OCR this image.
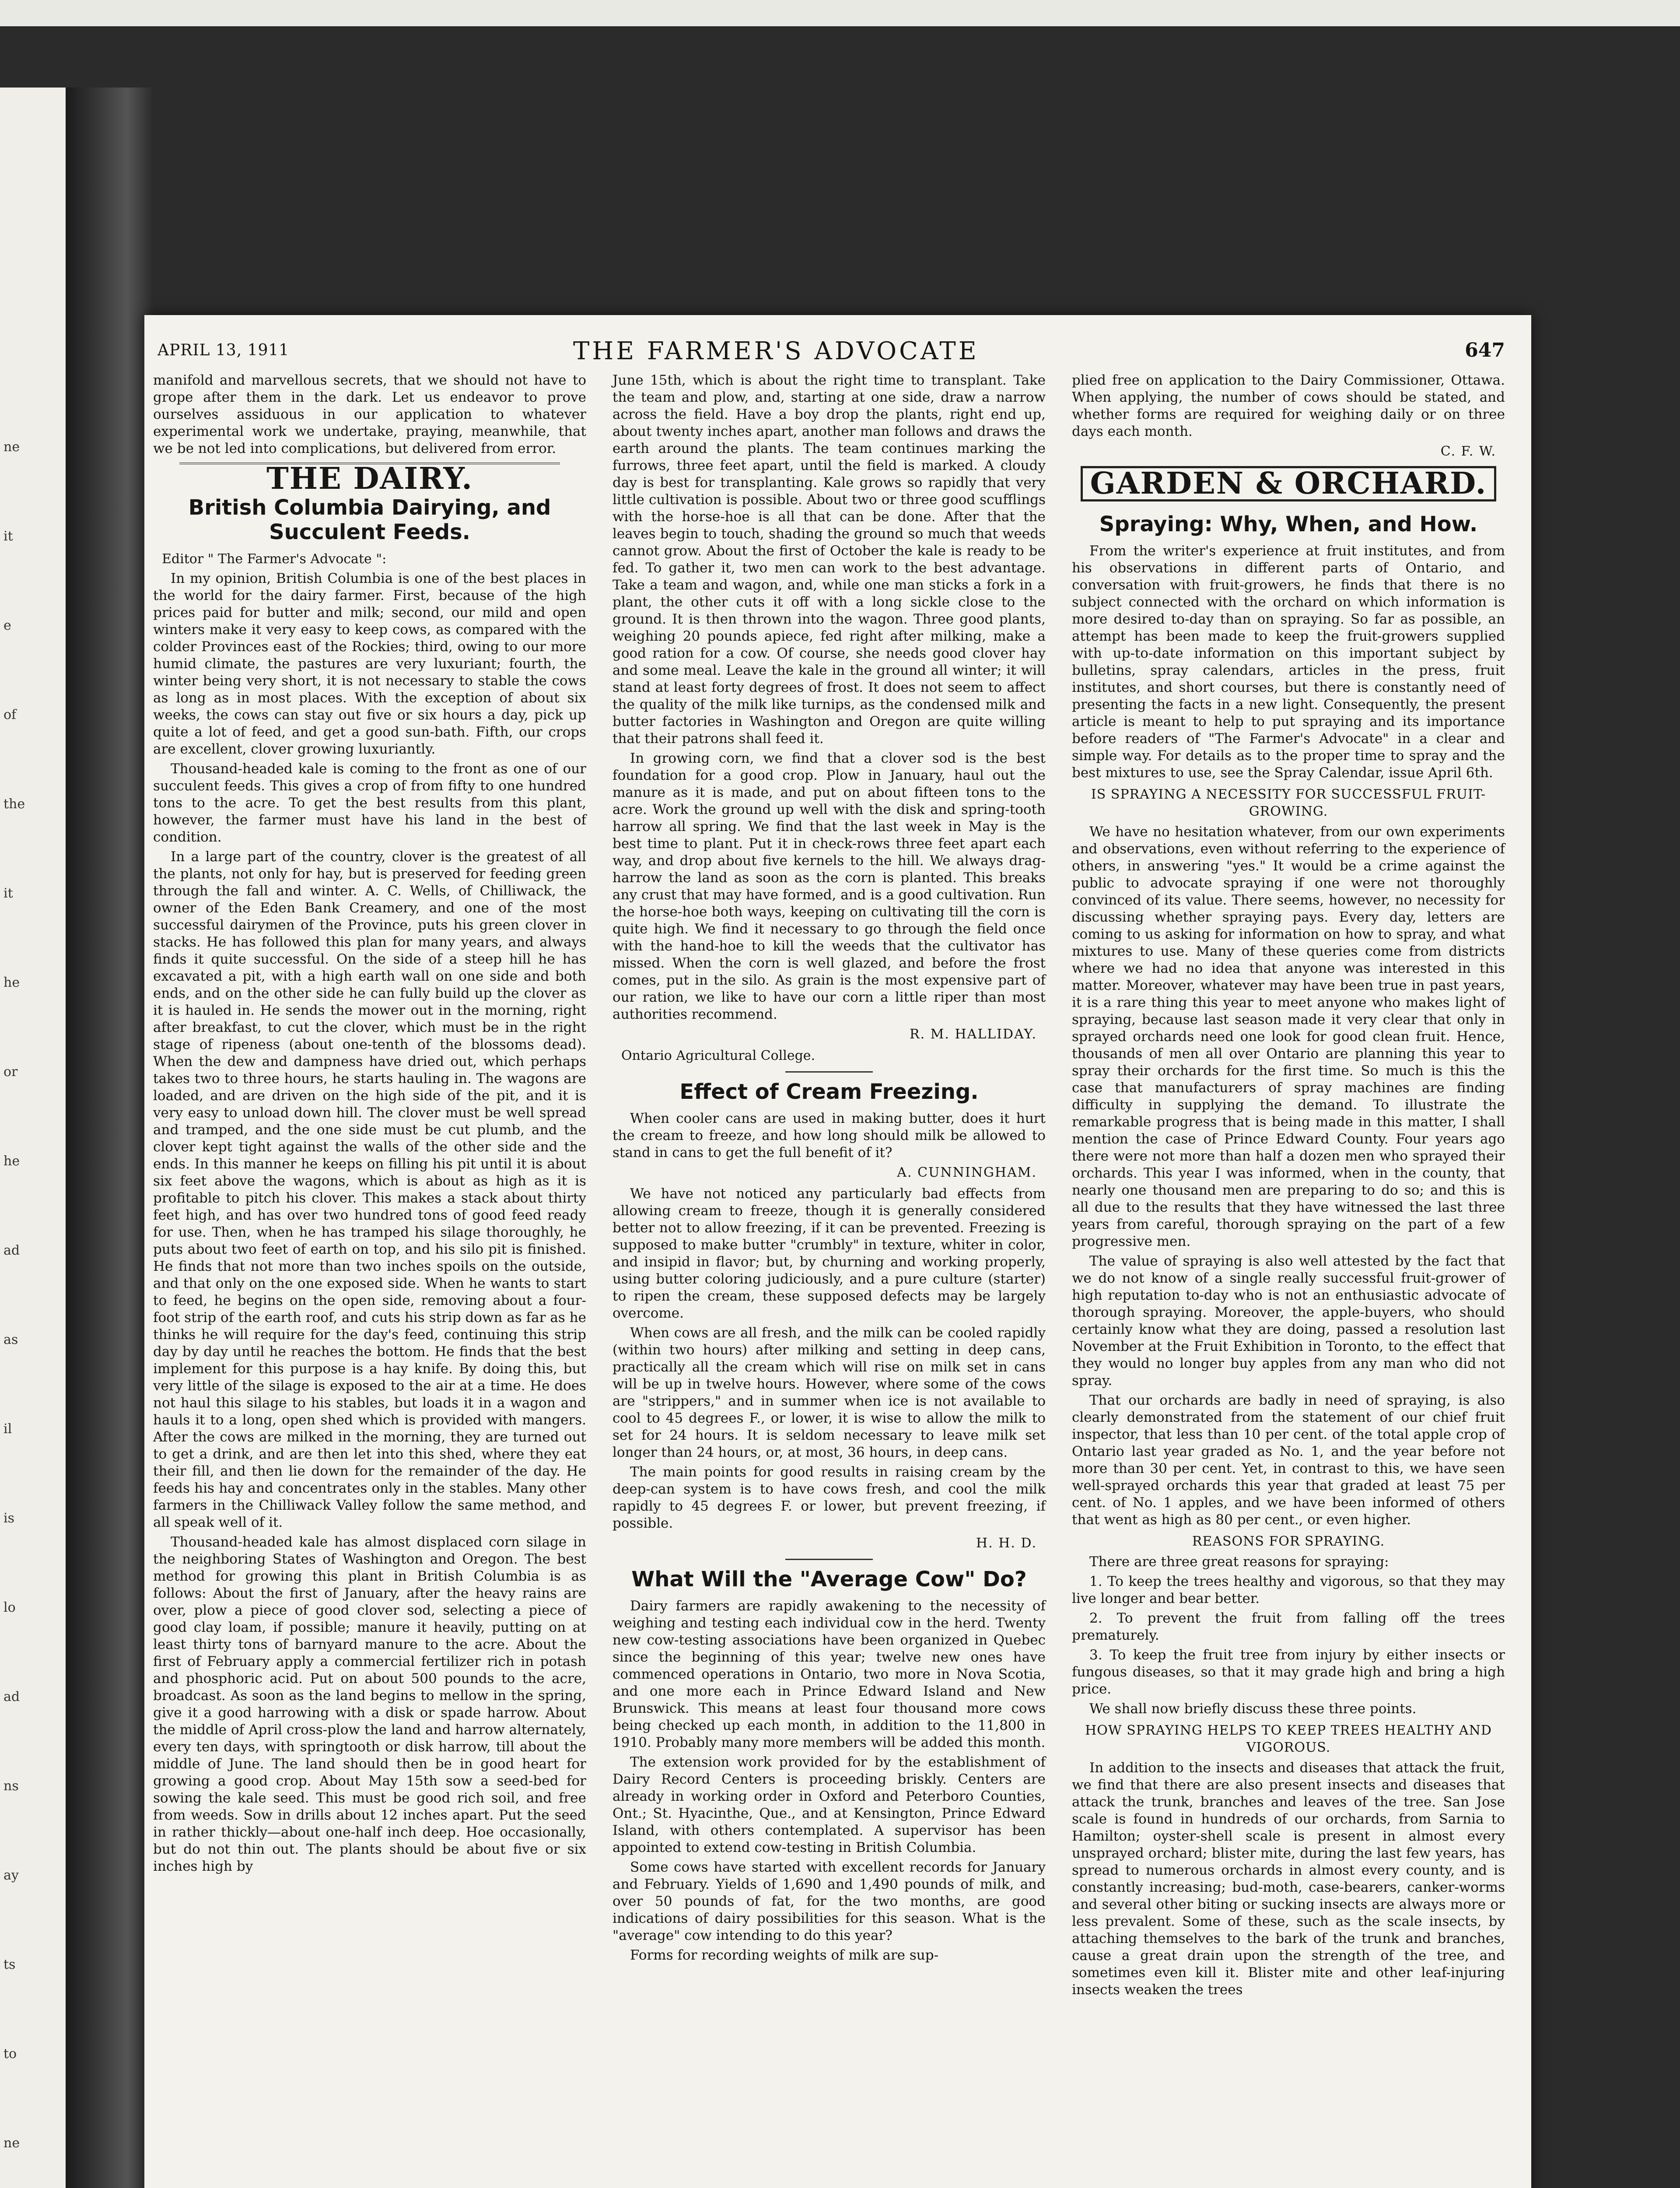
ne
it
e
of
the
it
he
or
he
ad
as
il
is
lo
ad
ns
ay
ts
to
ne
APRIL 13, 1911	THE FARMER'S ADVOCATE	647

manifold and marvellous secrets, that we should not have to grope after them in the dark. Let us endeavor to prove ourselves assiduous in our application to whatever experimental work we undertake, praying, meanwhile, that we be not led into complications, but delivered from error.

THE DAIRY.
British Columbia Dairying, and Succulent Feeds.
Editor " The Farmer's Advocate ":

In my opinion, British Columbia is one of the best places in the world for the dairy farmer. First, because of the high prices paid for butter and milk; second, our mild and open winters make it very easy to keep cows, as compared with the colder Provinces east of the Rockies; third, owing to our more humid climate, the pastures are very luxuriant; fourth, the winter being very short, it is not necessary to stable the cows as long as in most places. With the exception of about six weeks, the cows can stay out five or six hours a day, pick up quite a lot of feed, and get a good sun-bath. Fifth, our crops are excellent, clover growing luxuriantly.

Thousand-headed kale is coming to the front as one of our succulent feeds. This gives a crop of from fifty to one hundred tons to the acre. To get the best results from this plant, however, the farmer must have his land in the best of condition.

In a large part of the country, clover is the greatest of all the plants, not only for hay, but is preserved for feeding green through the fall and winter. A. C. Wells, of Chilliwack, the owner of the Eden Bank Creamery, and one of the most successful dairymen of the Province, puts his green clover in stacks. He has followed this plan for many years, and always finds it quite successful. On the side of a steep hill he has excavated a pit, with a high earth wall on one side and both ends, and on the other side he can fully build up the clover as it is hauled in. He sends the mower out in the morning, right after breakfast, to cut the clover, which must be in the right stage of ripeness (about one-tenth of the blossoms dead). When the dew and dampness have dried out, which perhaps takes two to three hours, he starts hauling in. The wagons are loaded, and are driven on the high side of the pit, and it is very easy to unload down hill. The clover must be well spread and tramped, and the one side must be cut plumb, and the clover kept tight against the walls of the other side and the ends. In this manner he keeps on filling his pit until it is about six feet above the wagons, which is about as high as it is profitable to pitch his clover. This makes a stack about thirty feet high, and has over two hundred tons of good feed ready for use. Then, when he has tramped his silage thoroughly, he puts about two feet of earth on top, and his silo pit is finished. He finds that not more than two inches spoils on the outside, and that only on the one exposed side. When he wants to start to feed, he begins on the open side, removing about a four-foot strip of the earth roof, and cuts his strip down as far as he thinks he will require for the day's feed, continuing this strip day by day until he reaches the bottom. He finds that the best implement for this purpose is a hay knife. By doing this, but very little of the silage is exposed to the air at a time. He does not haul this silage to his stables, but loads it in a wagon and hauls it to a long, open shed which is provided with mangers. After the cows are milked in the morning, they are turned out to get a drink, and are then let into this shed, where they eat their fill, and then lie down for the remainder of the day. He feeds his hay and concentrates only in the stables. Many other farmers in the Chilliwack Valley follow the same method, and all speak well of it.

Thousand-headed kale has almost displaced corn silage in the neighboring States of Washington and Oregon. The best method for growing this plant in British Columbia is as follows: About the first of January, after the heavy rains are over, plow a piece of good clover sod, selecting a piece of good clay loam, if possible; manure it heavily, putting on at least thirty tons of barnyard manure to the acre. About the first of February apply a commercial fertilizer rich in potash and phosphoric acid. Put on about 500 pounds to the acre, broadcast. As soon as the land begins to mellow in the spring, give it a good harrowing with a disk or spade harrow. About the middle of April cross-plow the land and harrow alternately, every ten days, with springtooth or disk harrow, till about the middle of June. The land should then be in good heart for growing a good crop. About May 15th sow a seed-bed for sowing the kale seed. This must be good rich soil, and free from weeds. Sow in drills about 12 inches apart. Put the seed in rather thickly—about one-half inch deep. Hoe occasionally, but do not thin out. The plants should be about five or six inches high by

June 15th, which is about the right time to transplant. Take the team and plow, and, starting at one side, draw a narrow across the field. Have a boy drop the plants, right end up, about twenty inches apart, another man follows and draws the earth around the plants. The team continues marking the furrows, three feet apart, until the field is marked. A cloudy day is best for transplanting. Kale grows so rapidly that very little cultivation is possible. About two or three good scufflings with the horse-hoe is all that can be done. After that the leaves begin to touch, shading the ground so much that weeds cannot grow. About the first of October the kale is ready to be fed. To gather it, two men can work to the best advantage. Take a team and wagon, and, while one man sticks a fork in a plant, the other cuts it off with a long sickle close to the ground. It is then thrown into the wagon. Three good plants, weighing 20 pounds apiece, fed right after milking, make a good ration for a cow. Of course, she needs good clover hay and some meal. Leave the kale in the ground all winter; it will stand at least forty degrees of frost. It does not seem to affect the quality of the milk like turnips, as the condensed milk and butter factories in Washington and Oregon are quite willing that their patrons shall feed it.

In growing corn, we find that a clover sod is the best foundation for a good crop. Plow in January, haul out the manure as it is made, and put on about fifteen tons to the acre. Work the ground up well with the disk and spring-tooth harrow all spring. We find that the last week in May is the best time to plant. Put it in check-rows three feet apart each way, and drop about five kernels to the hill. We always drag-harrow the land as soon as the corn is planted. This breaks any crust that may have formed, and is a good cultivation. Run the horse-hoe both ways, keeping on cultivating till the corn is quite high. We find it necessary to go through the field once with the hand-hoe to kill the weeds that the cultivator has missed. When the corn is well glazed, and before the frost comes, put in the silo. As grain is the most expensive part of our ration, we like to have our corn a little riper than most authorities recommend.

R. M. HALLIDAY.
Ontario Agricultural College.
Effect of Cream Freezing.

When cooler cans are used in making butter, does it hurt the cream to freeze, and how long should milk be allowed to stand in cans to get the full benefit of it?

A. CUNNINGHAM.

We have not noticed any particularly bad effects from allowing cream to freeze, though it is generally considered better not to allow freezing, if it can be prevented. Freezing is supposed to make butter "crumbly" in texture, whiter in color, and insipid in flavor; but, by churning and working properly, using butter coloring judiciously, and a pure culture (starter) to ripen the cream, these supposed defects may be largely overcome.

When cows are all fresh, and the milk can be cooled rapidly (within two hours) after milking and setting in deep cans, practically all the cream which will rise on milk set in cans will be up in twelve hours. However, where some of the cows are "strippers," and in summer when ice is not available to cool to 45 degrees F., or lower, it is wise to allow the milk to set for 24 hours. It is seldom necessary to leave milk set longer than 24 hours, or, at most, 36 hours, in deep cans.

The main points for good results in raising cream by the deep-can system is to have cows fresh, and cool the milk rapidly to 45 degrees F. or lower, but prevent freezing, if possible.

H. H. D.
What Will the "Average Cow" Do?

Dairy farmers are rapidly awakening to the necessity of weighing and testing each individual cow in the herd. Twenty new cow-testing associations have been organized in Quebec since the beginning of this year; twelve new ones have commenced operations in Ontario, two more in Nova Scotia, and one more each in Prince Edward Island and New Brunswick. This means at least four thousand more cows being checked up each month, in addition to the 11,800 in 1910. Probably many more members will be added this month.

The extension work provided for by the establishment of Dairy Record Centers is proceeding briskly. Centers are already in working order in Oxford and Peterboro Counties, Ont.; St. Hyacinthe, Que., and at Kensington, Prince Edward Island, with others contemplated. A supervisor has been appointed to extend cow-testing in British Columbia.

Some cows have started with excellent records for January and February. Yields of 1,690 and 1,490 pounds of milk, and over 50 pounds of fat, for the two months, are good indications of dairy possibilities for this season. What is the "average" cow intending to do this year?

Forms for recording weights of milk are sup-

plied free on application to the Dairy Commissioner, Ottawa. When applying, the number of cows should be stated, and whether forms are required for weighing daily or on three days each month.

C. F. W.
GARDEN & ORCHARD.
Spraying: Why, When, and How.

From the writer's experience at fruit institutes, and from his observations in different parts of Ontario, and conversation with fruit-growers, he finds that there is no subject connected with the orchard on which information is more desired to-day than on spraying. So far as possible, an attempt has been made to keep the fruit-growers supplied with up-to-date information on this important subject by bulletins, spray calendars, articles in the press, fruit institutes, and short courses, but there is constantly need of presenting the facts in a new light. Consequently, the present article is meant to help to put spraying and its importance before readers of "The Farmer's Advocate" in a clear and simple way. For details as to the proper time to spray and the best mixtures to use, see the Spray Calendar, issue April 6th.

IS SPRAYING A NECESSITY FOR SUCCESSFUL FRUIT-GROWING.

We have no hesitation whatever, from our own experiments and observations, even without referring to the experience of others, in answering "yes." It would be a crime against the public to advocate spraying if one were not thoroughly convinced of its value. There seems, however, no necessity for discussing whether spraying pays. Every day, letters are coming to us asking for information on how to spray, and what mixtures to use. Many of these queries come from districts where we had no idea that anyone was interested in this matter. Moreover, whatever may have been true in past years, it is a rare thing this year to meet anyone who makes light of spraying, because last season made it very clear that only in sprayed orchards need one look for good clean fruit. Hence, thousands of men all over Ontario are planning this year to spray their orchards for the first time. So much is this the case that manufacturers of spray machines are finding difficulty in supplying the demand. To illustrate the remarkable progress that is being made in this matter, I shall mention the case of Prince Edward County. Four years ago there were not more than half a dozen men who sprayed their orchards. This year I was informed, when in the county, that nearly one thousand men are preparing to do so; and this is all due to the results that they have witnessed the last three years from careful, thorough spraying on the part of a few progressive men.

The value of spraying is also well attested by the fact that we do not know of a single really successful fruit-grower of high reputation to-day who is not an enthusiastic advocate of thorough spraying. Moreover, the apple-buyers, who should certainly know what they are doing, passed a resolution last November at the Fruit Exhibition in Toronto, to the effect that they would no longer buy apples from any man who did not spray.

That our orchards are badly in need of spraying, is also clearly demonstrated from the statement of our chief fruit inspector, that less than 10 per cent. of the total apple crop of Ontario last year graded as No. 1, and the year before not more than 30 per cent. Yet, in contrast to this, we have seen well-sprayed orchards this year that graded at least 75 per cent. of No. 1 apples, and we have been informed of others that went as high as 80 per cent., or even higher.

REASONS FOR SPRAYING.

There are three great reasons for spraying:

1. To keep the trees healthy and vigorous, so that they may live longer and bear better.

2. To prevent the fruit from falling off the trees prematurely.

3. To keep the fruit tree from injury by either insects or fungous diseases, so that it may grade high and bring a high price.

We shall now briefly discuss these three points.

HOW SPRAYING HELPS TO KEEP TREES HEALTHY AND VIGOROUS.

In addition to the insects and diseases that attack the fruit, we find that there are also present insects and diseases that attack the trunk, branches and leaves of the tree. San Jose scale is found in hundreds of our orchards, from Sarnia to Hamilton; oyster-shell scale is present in almost every unsprayed orchard; blister mite, during the last few years, has spread to numerous orchards in almost every county, and is constantly increasing; bud-moth, case-bearers, canker-worms and several other biting or sucking insects are always more or less prevalent. Some of these, such as the scale insects, by attaching themselves to the bark of the trunk and branches, cause a great drain upon the strength of the tree, and sometimes even kill it. Blister mite and other leaf-injuring insects weaken the trees
